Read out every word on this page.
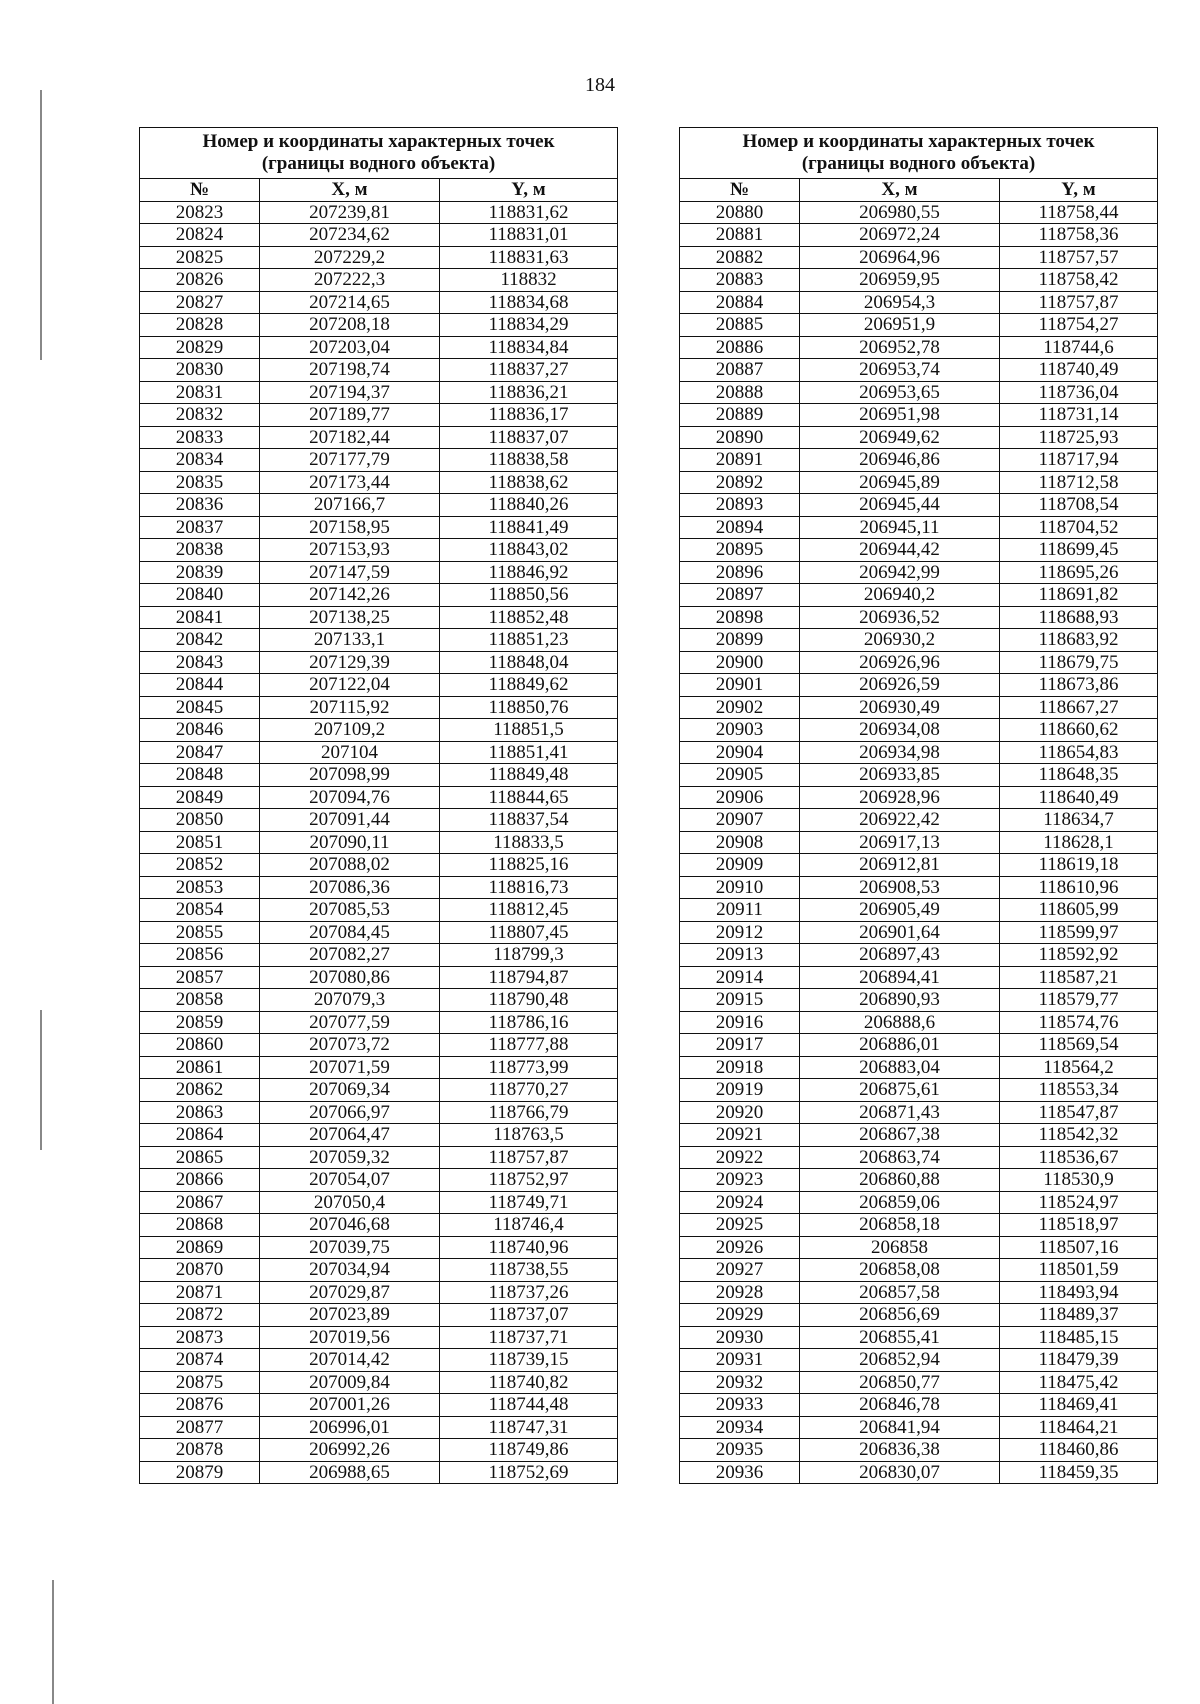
184
Номер и координаты характерных точек
(границы водного объекта)		
№	X, м	Y, м
20823	207239,81	118831,62
20824	207234,62	118831,01
20825	207229,2	118831,63
20826	207222,3	118832
20827	207214,65	118834,68
20828	207208,18	118834,29
20829	207203,04	118834,84
20830	207198,74	118837,27
20831	207194,37	118836,21
20832	207189,77	118836,17
20833	207182,44	118837,07
20834	207177,79	118838,58
20835	207173,44	118838,62
20836	207166,7	118840,26
20837	207158,95	118841,49
20838	207153,93	118843,02
20839	207147,59	118846,92
20840	207142,26	118850,56
20841	207138,25	118852,48
20842	207133,1	118851,23
20843	207129,39	118848,04
20844	207122,04	118849,62
20845	207115,92	118850,76
20846	207109,2	118851,5
20847	207104	118851,41
20848	207098,99	118849,48
20849	207094,76	118844,65
20850	207091,44	118837,54
20851	207090,11	118833,5
20852	207088,02	118825,16
20853	207086,36	118816,73
20854	207085,53	118812,45
20855	207084,45	118807,45
20856	207082,27	118799,3
20857	207080,86	118794,87
20858	207079,3	118790,48
20859	207077,59	118786,16
20860	207073,72	118777,88
20861	207071,59	118773,99
20862	207069,34	118770,27
20863	207066,97	118766,79
20864	207064,47	118763,5
20865	207059,32	118757,87
20866	207054,07	118752,97
20867	207050,4	118749,71
20868	207046,68	118746,4
20869	207039,75	118740,96
20870	207034,94	118738,55
20871	207029,87	118737,26
20872	207023,89	118737,07
20873	207019,56	118737,71
20874	207014,42	118739,15
20875	207009,84	118740,82
20876	207001,26	118744,48
20877	206996,01	118747,31
20878	206992,26	118749,86
20879	206988,65	118752,69
Номер и координаты характерных точек
(границы водного объекта)		
№	X, м	Y, м
20880	206980,55	118758,44
20881	206972,24	118758,36
20882	206964,96	118757,57
20883	206959,95	118758,42
20884	206954,3	118757,87
20885	206951,9	118754,27
20886	206952,78	118744,6
20887	206953,74	118740,49
20888	206953,65	118736,04
20889	206951,98	118731,14
20890	206949,62	118725,93
20891	206946,86	118717,94
20892	206945,89	118712,58
20893	206945,44	118708,54
20894	206945,11	118704,52
20895	206944,42	118699,45
20896	206942,99	118695,26
20897	206940,2	118691,82
20898	206936,52	118688,93
20899	206930,2	118683,92
20900	206926,96	118679,75
20901	206926,59	118673,86
20902	206930,49	118667,27
20903	206934,08	118660,62
20904	206934,98	118654,83
20905	206933,85	118648,35
20906	206928,96	118640,49
20907	206922,42	118634,7
20908	206917,13	118628,1
20909	206912,81	118619,18
20910	206908,53	118610,96
20911	206905,49	118605,99
20912	206901,64	118599,97
20913	206897,43	118592,92
20914	206894,41	118587,21
20915	206890,93	118579,77
20916	206888,6	118574,76
20917	206886,01	118569,54
20918	206883,04	118564,2
20919	206875,61	118553,34
20920	206871,43	118547,87
20921	206867,38	118542,32
20922	206863,74	118536,67
20923	206860,88	118530,9
20924	206859,06	118524,97
20925	206858,18	118518,97
20926	206858	118507,16
20927	206858,08	118501,59
20928	206857,58	118493,94
20929	206856,69	118489,37
20930	206855,41	118485,15
20931	206852,94	118479,39
20932	206850,77	118475,42
20933	206846,78	118469,41
20934	206841,94	118464,21
20935	206836,38	118460,86
20936	206830,07	118459,35
